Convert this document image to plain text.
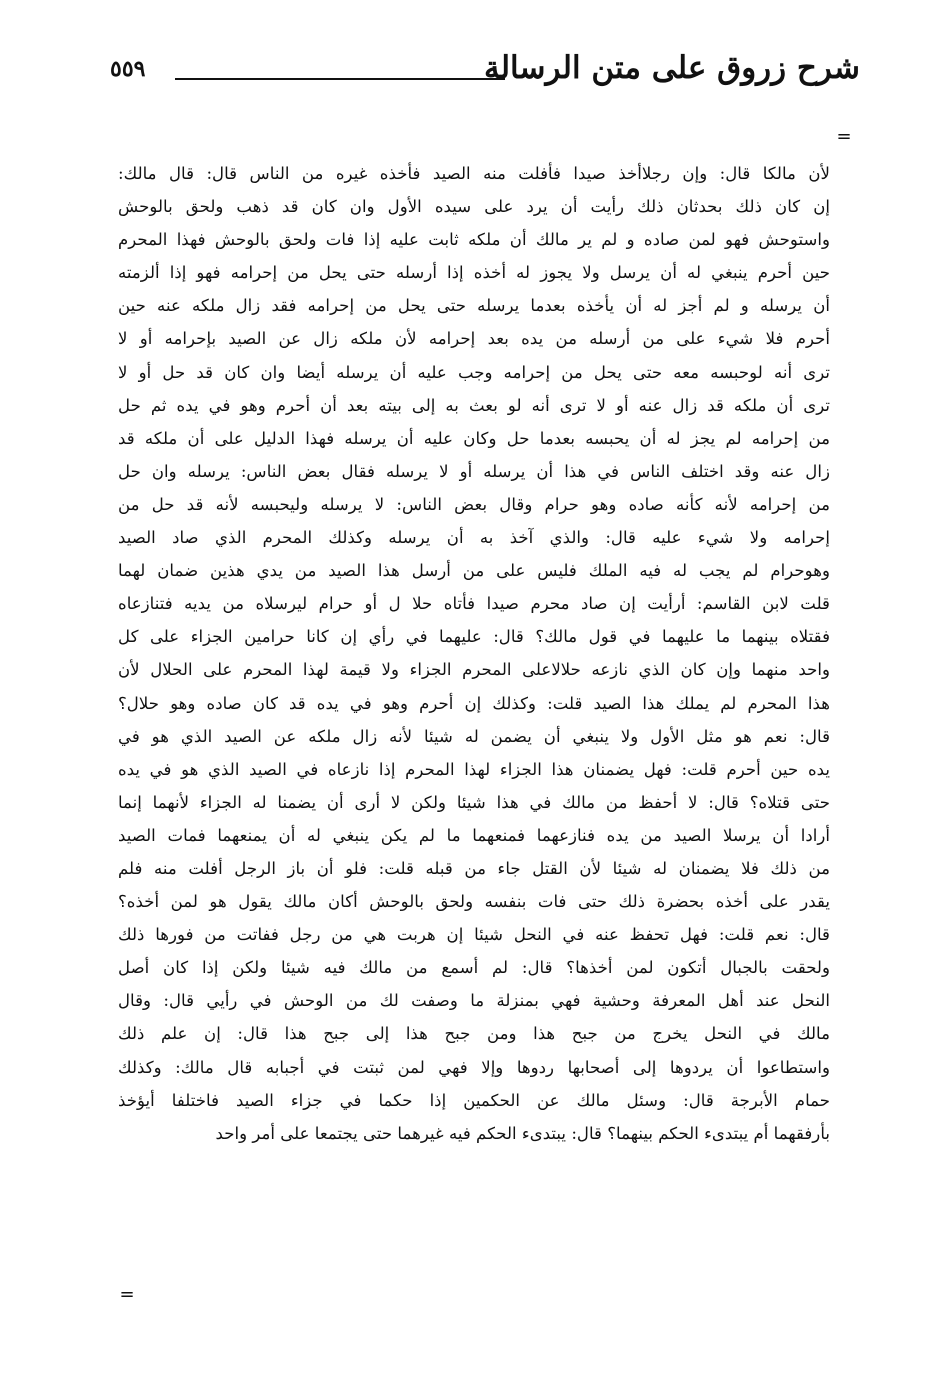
شرح زروق على متن الرسالة
٥٥٩
=
لأن مالكا قال: وإن رجلاأخذ صيدا فأفلت منه الصيد فأخذه غيره من الناس قال: قال مالك:
إن كان ذلك بحدثان ذلك رأيت أن يرد على سيده الأول وان كان قد ذهب ولحق بالوحش
واستوحش فهو لمن صاده و لم ير مالك أن ملكه ثابت عليه إذا فات ولحق بالوحش فهذا المحرم
حين أحرم ينبغي له أن يرسل ولا يجوز له أخذه إذا أرسله حتى يحل من إحرامه فهو إذا ألزمته
أن يرسله و لم أجز له أن يأخذه بعدما يرسله حتى يحل من إحرامه فقد زال ملكه عنه حين
أحرم فلا شيء على من أرسله من يده بعد إحرامه لأن ملكه زال عن الصيد بإحرامه أو لا
ترى أنه لوحبسه معه حتى يحل من إحرامه وجب عليه أن يرسله أيضا وان كان قد حل أو لا
ترى أن ملكه قد زال عنه أو لا ترى أنه لو بعث به إلى بيته بعد أن أحرم وهو في يده ثم حل
من إحرامه لم يجز له أن يحبسه بعدما حل وكان عليه أن يرسله فهذا الدليل على أن ملكه قد
زال عنه وقد اختلف الناس في هذا أن يرسله أو لا يرسله فقال بعض الناس: يرسله وان حل
من إحرامه لأنه كأنه صاده وهو حرام وقال بعض الناس: لا يرسله وليحبسه لأنه قد حل من
إحرامه ولا شيء عليه قال: والذي آخذ به أن يرسله وكذلك المحرم الذي صاد الصيد
وهوحرام لم يجب له فيه الملك فليس على من أرسل هذا الصيد من يدي هذين ضمان لهما
قلت لابن القاسم: أرأيت إن صاد محرم صيدا فأتاه حلا ل أو حرام ليرسلاه من يديه فتنازعاه
فقتلاه بينهما ما عليهما في قول مالك؟ قال: عليهما في رأي إن كانا حرامين الجزاء على كل
واحد منهما وإن كان الذي نازعه حلالاعلى المحرم الجزاء ولا قيمة لهذا المحرم على الحلال لأن
هذا المحرم لم يملك هذا الصيد قلت: وكذلك إن أحرم وهو في يده قد كان صاده وهو حلال؟
قال: نعم هو مثل الأول ولا ينبغي أن يضمن له شيئا لأنه زال ملكه عن الصيد الذي هو في
يده حين أحرم قلت: فهل يضمنان هذا الجزاء لهذا المحرم إذا نازعاه في الصيد الذي هو في يده
حتى قتلاه؟ قال: لا أحفظ من مالك في هذا شيئا ولكن لا أرى أن يضمنا له الجزاء لأنهما إنما
أرادا أن يرسلا الصيد من يده فنازعهما فمنعهما ما لم يكن ينبغي له أن يمنعهما فمات الصيد
من ذلك فلا يضمنان له شيئا لأن القتل جاء من قبله قلت: فلو أن باز الرجل أفلت منه فلم
يقدر على أخذه بحضرة ذلك حتى فات بنفسه ولحق بالوحش أكان مالك يقول هو لمن أخذه؟
قال: نعم قلت: فهل تحفظ عنه في النحل شيئا إن هربت هي من رجل ففاتت من فورها ذلك
ولحقت بالجبال أتكون لمن أخذها؟ قال: لم أسمع من مالك فيه شيئا ولكن إذا كان أصل
النحل عند أهل المعرفة وحشية فهي بمنزلة ما وصفت لك من الوحش في رأيي قال: وقال
مالك في النحل يخرج من جبح هذا ومن جبح هذا إلى جبح هذا قال: إن علم ذلك
واستطاعوا أن يردوها إلى أصحابها ردوها وإلا فهي لمن ثبتت في أجبابه قال مالك: وكذلك
حمام الأبرجة قال: وسئل مالك عن الحكمين إذا حكما في جزاء الصيد فاختلفا أيؤخذ
بأرفقهما أم يبتدىء الحكم بينهما؟ قال: يبتدىء الحكم فيه غيرهما حتى يجتمعا على أمر واحد
=
